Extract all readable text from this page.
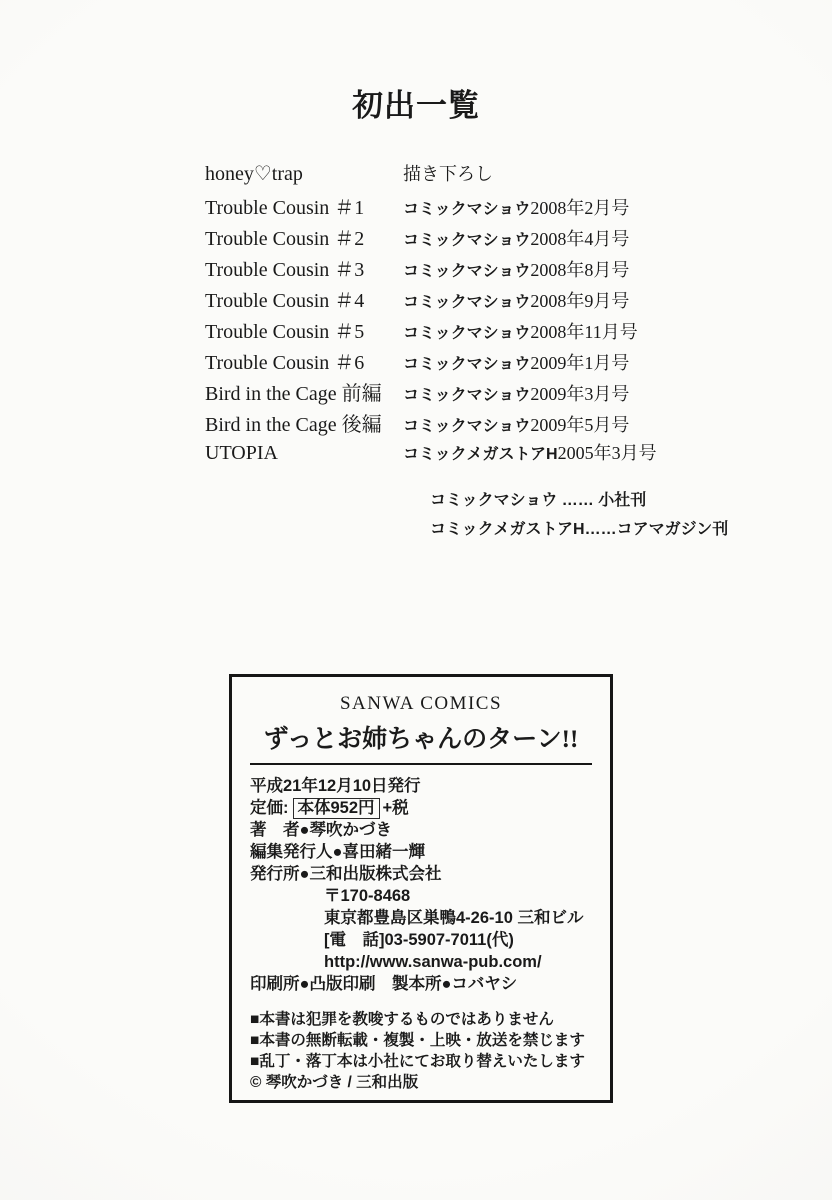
初出一覧
honey♡trap	描き下ろし
Trouble Cousin ＃1	コミックマショウ 2008年2月号
Trouble Cousin ＃2	コミックマショウ 2008年4月号
Trouble Cousin ＃3	コミックマショウ 2008年8月号
Trouble Cousin ＃4	コミックマショウ 2008年9月号
Trouble Cousin ＃5	コミックマショウ 2008年11月号
Trouble Cousin ＃6	コミックマショウ 2009年1月号
Bird in the Cage 前編	コミックマショウ 2009年3月号
Bird in the Cage 後編	コミックマショウ 2009年5月号
UTOPIA	コミックメガストアH 2005年3月号
コミックマショウ …… 小社刊
コミックメガストアH……コアマガジン刊
SANWA COMICS
ずっとお姉ちゃんのターン!!
平成21年12月10日発行
定価: 本体952円 +税
著　者●琴吹かづき
編集発行人●喜田緒一輝
発行所●三和出版株式会社
〒170-8468
東京都豊島区巣鴨4-26-10 三和ビル
[電　話]03-5907-7011(代)
http://www.sanwa-pub.com/
印刷所●凸版印刷　製本所●コバヤシ
■本書は犯罪を教唆するものではありません
■本書の無断転載・複製・上映・放送を禁じます
■乱丁・落丁本は小社にてお取り替えいたします
© 琴吹かづき / 三和出版
